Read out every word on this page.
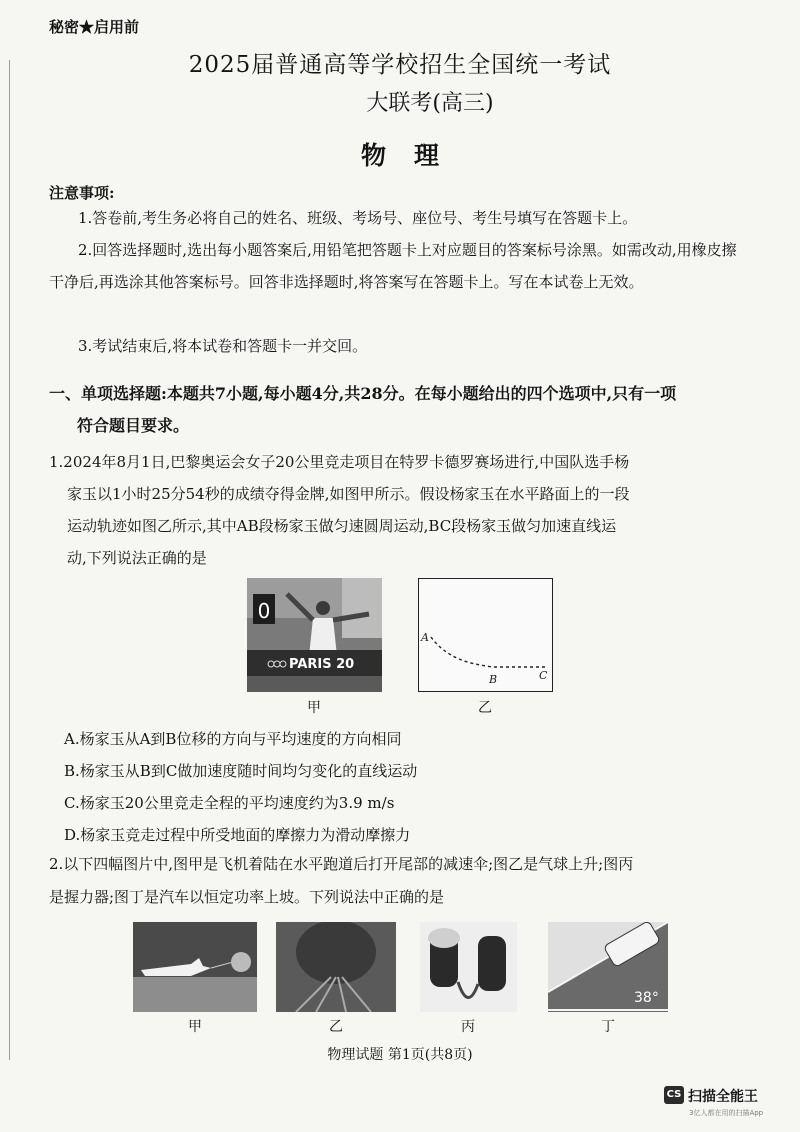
秘密★启用前
2025届普通高等学校招生全国统一考试
大联考(高三)
物理
注意事项:
1.答卷前,考生务必将自己的姓名、班级、考场号、座位号、考生号填写在答题卡上。
2.回答选择题时,选出每小题答案后,用铅笔把答题卡上对应题目的答案标号涂黑。如需改动,用橡皮擦干净后,再选涂其他答案标号。回答非选择题时,将答案写在答题卡上。写在本试卷上无效。
3.考试结束后,将本试卷和答题卡一并交回。
一、单项选择题:本题共7小题,每小题4分,共28分。在每小题给出的四个选项中,只有一项
符合题目要求。
1.2024年8月1日,巴黎奥运会女子20公里竞走项目在特罗卡德罗赛场进行,中国队选手杨
家玉以1小时25分54秒的成绩夺得金牌,如图甲所示。假设杨家玉在水平路面上的一段
运动轨迹如图乙所示,其中AB段杨家玉做匀速圆周运动,BC段杨家玉做匀加速直线运
动,下列说法正确的是
0
PARIS 20
甲
A
B	C
乙
A.杨家玉从A到B位移的方向与平均速度的方向相同
B.杨家玉从B到C做加速度随时间均匀变化的直线运动
C.杨家玉20公里竞走全程的平均速度约为3.9 m/s
D.杨家玉竞走过程中所受地面的摩擦力为滑动摩擦力
2.以下四幅图片中,图甲是飞机着陆在水平跑道后打开尾部的减速伞;图乙是气球上升;图丙
是握力器;图丁是汽车以恒定功率上坡。下列说法中正确的是
甲	乙	丙
38°
丁
物理试题 第1页(共8页)
CS 扫描全能王
3亿人都在用的扫描App
